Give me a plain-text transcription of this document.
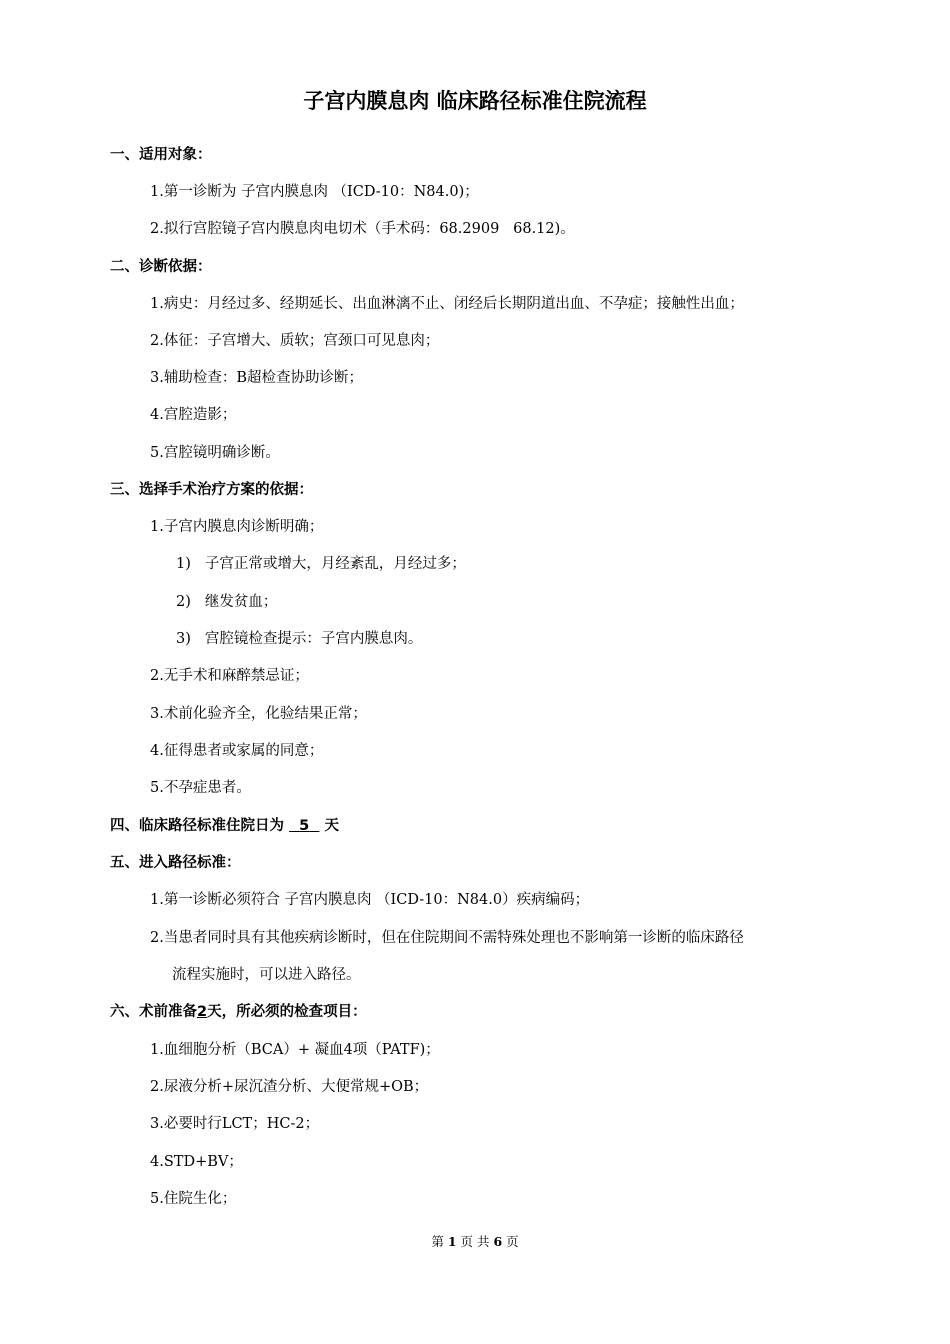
子宫内膜息肉 临床路径标准住院流程
一、适用对象：
1.第一诊断为 子宫内膜息肉 （ICD-10：N84.0)；
2.拟行宫腔镜子宫内膜息肉电切术（手术码：68.2909   68.12)。
二、诊断依据：
1.病史：月经过多、经期延长、出血淋漓不止、闭经后长期阴道出血、不孕症；接触性出血；
2.体征：子宫增大、质软；宫颈口可见息肉；
3.辅助检查：B超检查协助诊断；
4.宫腔造影；
5.宫腔镜明确诊断。
三、选择手术治疗方案的依据：
1.子宫内膜息肉诊断明确；
1) 子宫正常或增大，月经紊乱，月经过多；
2) 继发贫血；
3) 宫腔镜检查提示：子宫内膜息肉。
2.无手术和麻醉禁忌证；
3.术前化验齐全，化验结果正常；
4.征得患者或家属的同意；
5.不孕症患者。
四、临床路径标准住院日为 5 天
五、进入路径标准：
1.第一诊断必须符合 子宫内膜息肉 （ICD-10：N84.0）疾病编码；
2.当患者同时具有其他疾病诊断时，但在住院期间不需特殊处理也不影响第一诊断的临床路径
流程实施时，可以进入路径。
六、术前准备2天，所必须的检查项目：
1.血细胞分析（BCA）+ 凝血4项（PATF)；
2.尿液分析+尿沉渣分析、大便常规+OB；
3.必要时行LCT；HC-2；
4.STD+BV；
5.住院生化；
第 1 页 共 6 页
